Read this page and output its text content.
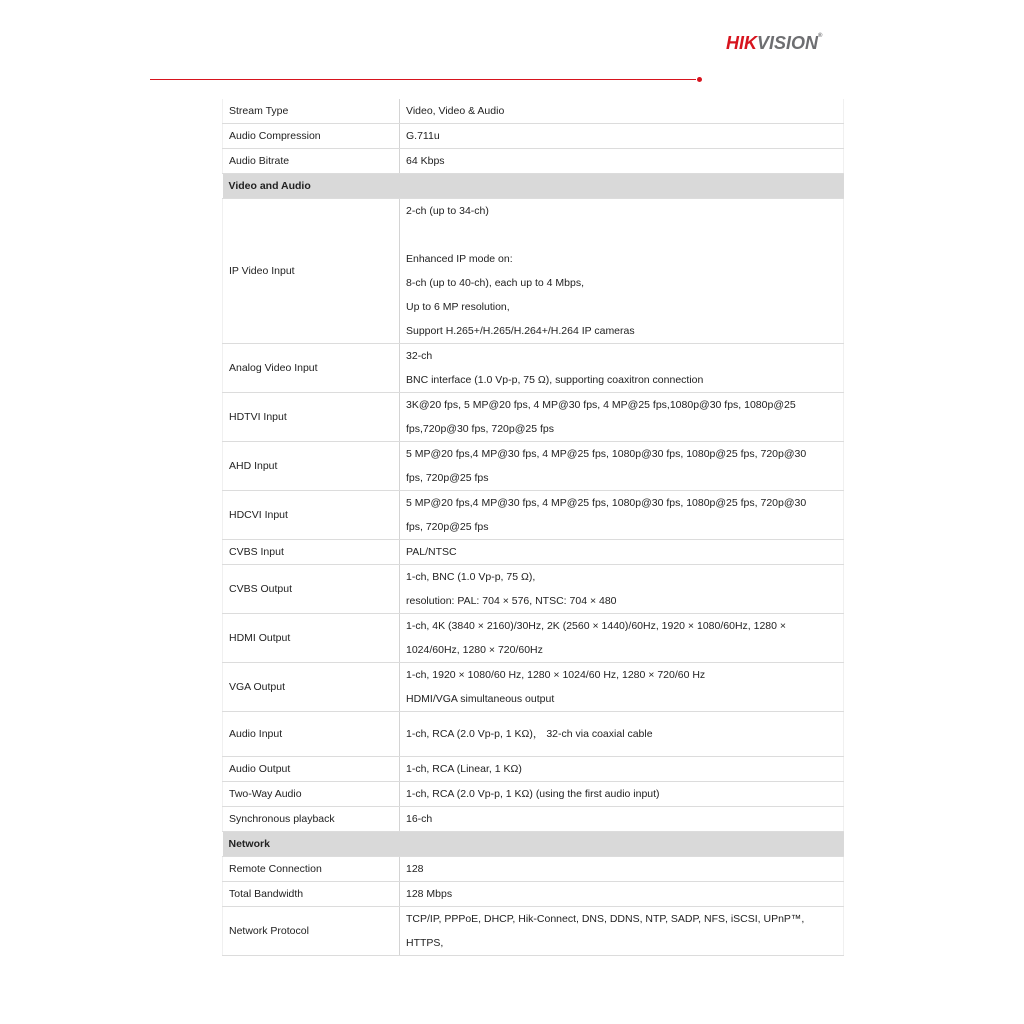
HIKVISION®
Stream Type	Video, Video & Audio

Audio Compression	G.711u

Audio Bitrate	64 Kbps

Video and Audio	
IP Video Input	2-ch (up to 34-ch)
Enhanced IP mode on:
8-ch (up to 40-ch), each up to 4 Mbps,
Up to 6 MP resolution,
Support H.265+/H.265/H.264+/H.264 IP cameras

Analog Video Input	32-ch
BNC interface (1.0 Vp-p, 75 Ω), supporting coaxitron connection

HDTVI Input	3K@20 fps, 5 MP@20 fps, 4 MP@30 fps, 4 MP@25 fps,1080p@30 fps, 1080p@25
fps,720p@30 fps, 720p@25 fps

AHD Input	5 MP@20 fps,4 MP@30 fps, 4 MP@25 fps, 1080p@30 fps, 1080p@25 fps, 720p@30
fps, 720p@25 fps

HDCVI Input	5 MP@20 fps,4 MP@30 fps, 4 MP@25 fps, 1080p@30 fps, 1080p@25 fps, 720p@30
fps, 720p@25 fps

CVBS Input	PAL/NTSC

CVBS Output	1-ch, BNC (1.0 Vp-p, 75 Ω),
resolution: PAL: 704 × 576, NTSC: 704 × 480

HDMI Output	1-ch, 4K (3840 × 2160)/30Hz, 2K (2560 × 1440)/60Hz, 1920 × 1080/60Hz, 1280 ×
1024/60Hz, 1280 × 720/60Hz

VGA Output	1-ch, 1920 × 1080/60 Hz, 1280 × 1024/60 Hz, 1280 × 720/60 Hz
HDMI/VGA simultaneous output

Audio Input	1-ch, RCA (2.0 Vp-p, 1 KΩ)， 32-ch via coaxial cable

Audio Output	1-ch, RCA (Linear, 1 KΩ)

Two-Way Audio	1-ch, RCA (2.0 Vp-p, 1 KΩ) (using the first audio input)

Synchronous playback	16-ch

Network	
Remote Connection	128

Total Bandwidth	128 Mbps

Network Protocol	TCP/IP, PPPoE, DHCP, Hik-Connect, DNS, DDNS, NTP, SADP, NFS, iSCSI, UPnP™, HTTPS,
